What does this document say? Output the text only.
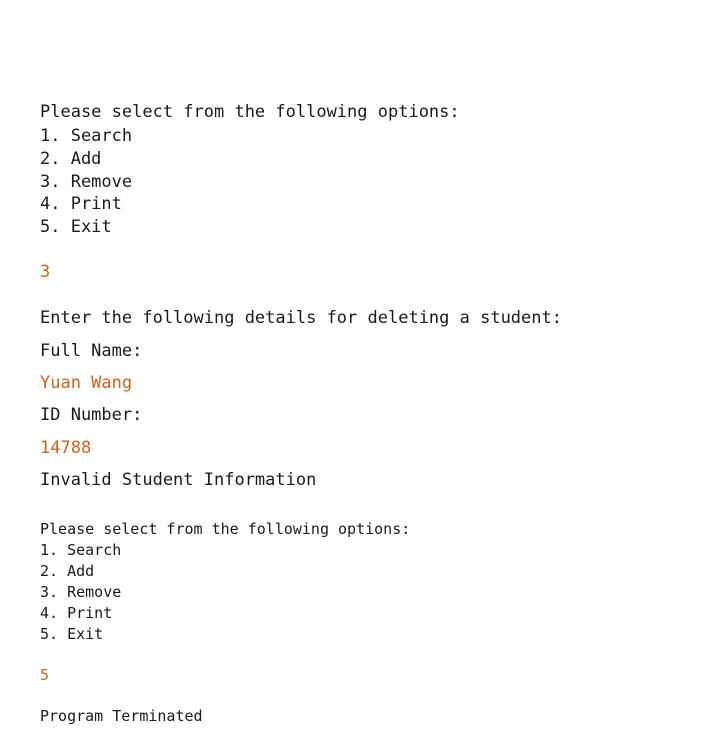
Please select from the following options:
1. Search
2. Add
3. Remove
4. Print
5. Exit
3
Enter the following details for deleting a student:
Full Name:
Yuan Wang
ID Number:
14788
Invalid Student Information
Please select from the following options:
1. Search
2. Add
3. Remove
4. Print
5. Exit
5
Program Terminated
